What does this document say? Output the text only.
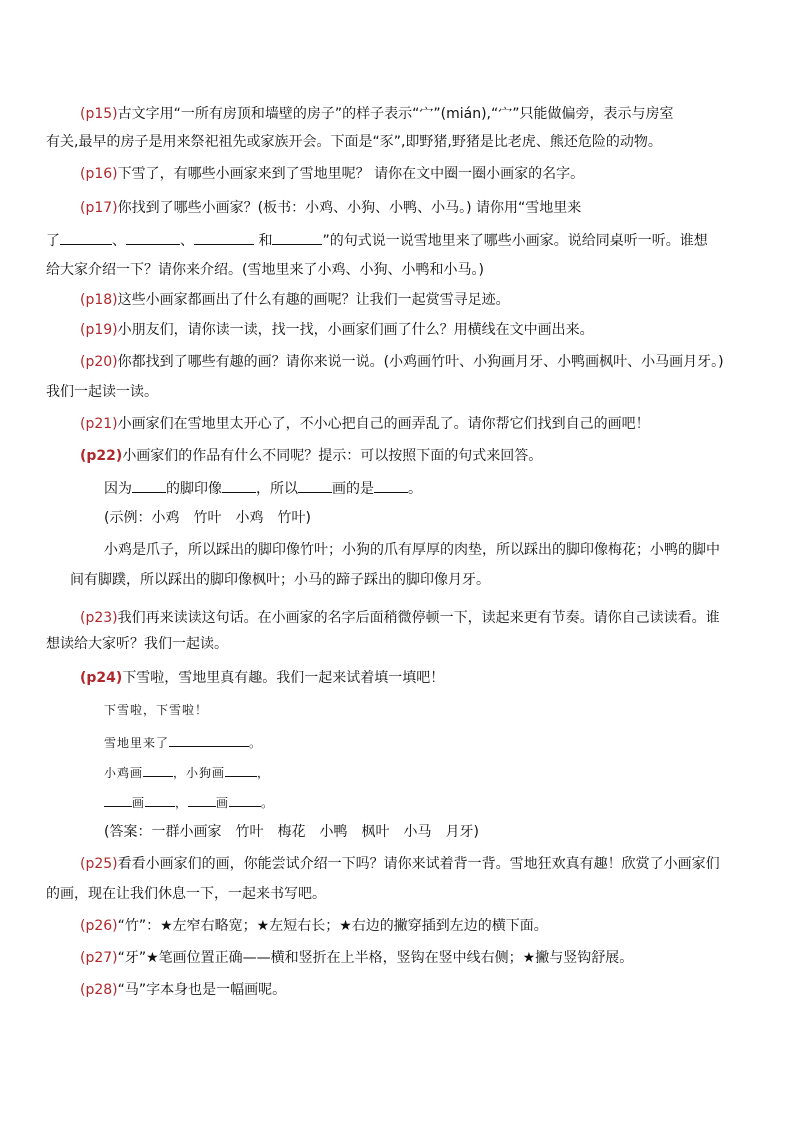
(p15)古文字用“一所有房顶和墙壁的房子”的样子表示“宀”(mián),“宀”只能做偏旁，表示与房室
有关,最早的房子是用来祭祀祖先或家族开会。下面是“豕”,即野猪,野猪是比老虎、熊还危险的动物。
(p16)下雪了，有哪些小画家来到了雪地里呢？ 请你在文中圈一圈小画家的名字。
(p17)你找到了哪些小画家？(板书：小鸡、小狗、小鸭、小马。) 请你用“雪地里来
了	、	、	和	”的句式说一说雪地里来了哪些小画家。说给同桌听一听。谁想
给大家介绍一下？请你来介绍。(雪地里来了小鸡、小狗、小鸭和小马。)
(p18)这些小画家都画出了什么有趣的画呢？让我们一起赏雪寻足迹。
(p19)小朋友们，请你读一读，找一找，小画家们画了什么？用横线在文中画出来。
(p20)你都找到了哪些有趣的画？请你来说一说。(小鸡画竹叶、小狗画月牙、小鸭画枫叶、小马画月牙。)
我们一起读一读。
(p21)小画家们在雪地里太开心了，不小心把自己的画弄乱了。请你帮它们找到自己的画吧！
(p22)小画家们的作品有什么不同呢？提示：可以按照下面的句式来回答。
因为 的脚印像 ，所以 画的是 。
(示例：小鸡　竹叶　小鸡　竹叶)
小鸡是爪子，所以踩出的脚印像竹叶；小狗的爪有厚厚的肉垫，所以踩出的脚印像梅花；小鸭的脚中
间有脚蹼，所以踩出的脚印像枫叶；小马的蹄子踩出的脚印像月牙。
(p23)我们再来读读这句话。在小画家的名字后面稍微停顿一下，读起来更有节奏。请你自己读读看。谁
想读给大家听？我们一起读。
(p24)下雪啦，雪地里真有趣。我们一起来试着填一填吧！
下雪啦，下雪啦！
雪地里来了	。
小鸡画	，小狗画	，
画	， 画	。
(答案：一群小画家　竹叶　梅花　小鸭　枫叶　小马　月牙)
(p25)看看小画家们的画，你能尝试介绍一下吗？请你来试着背一背。雪地狂欢真有趣！欣赏了小画家们
的画，现在让我们休息一下，一起来书写吧。
(p26)“竹”：★左窄右略宽；★左短右长；★右边的撇穿插到左边的横下面。
(p27)“牙”★笔画位置正确——横和竖折在上半格，竖钩在竖中线右侧；★撇与竖钩舒展。
(p28)“马”字本身也是一幅画呢。
